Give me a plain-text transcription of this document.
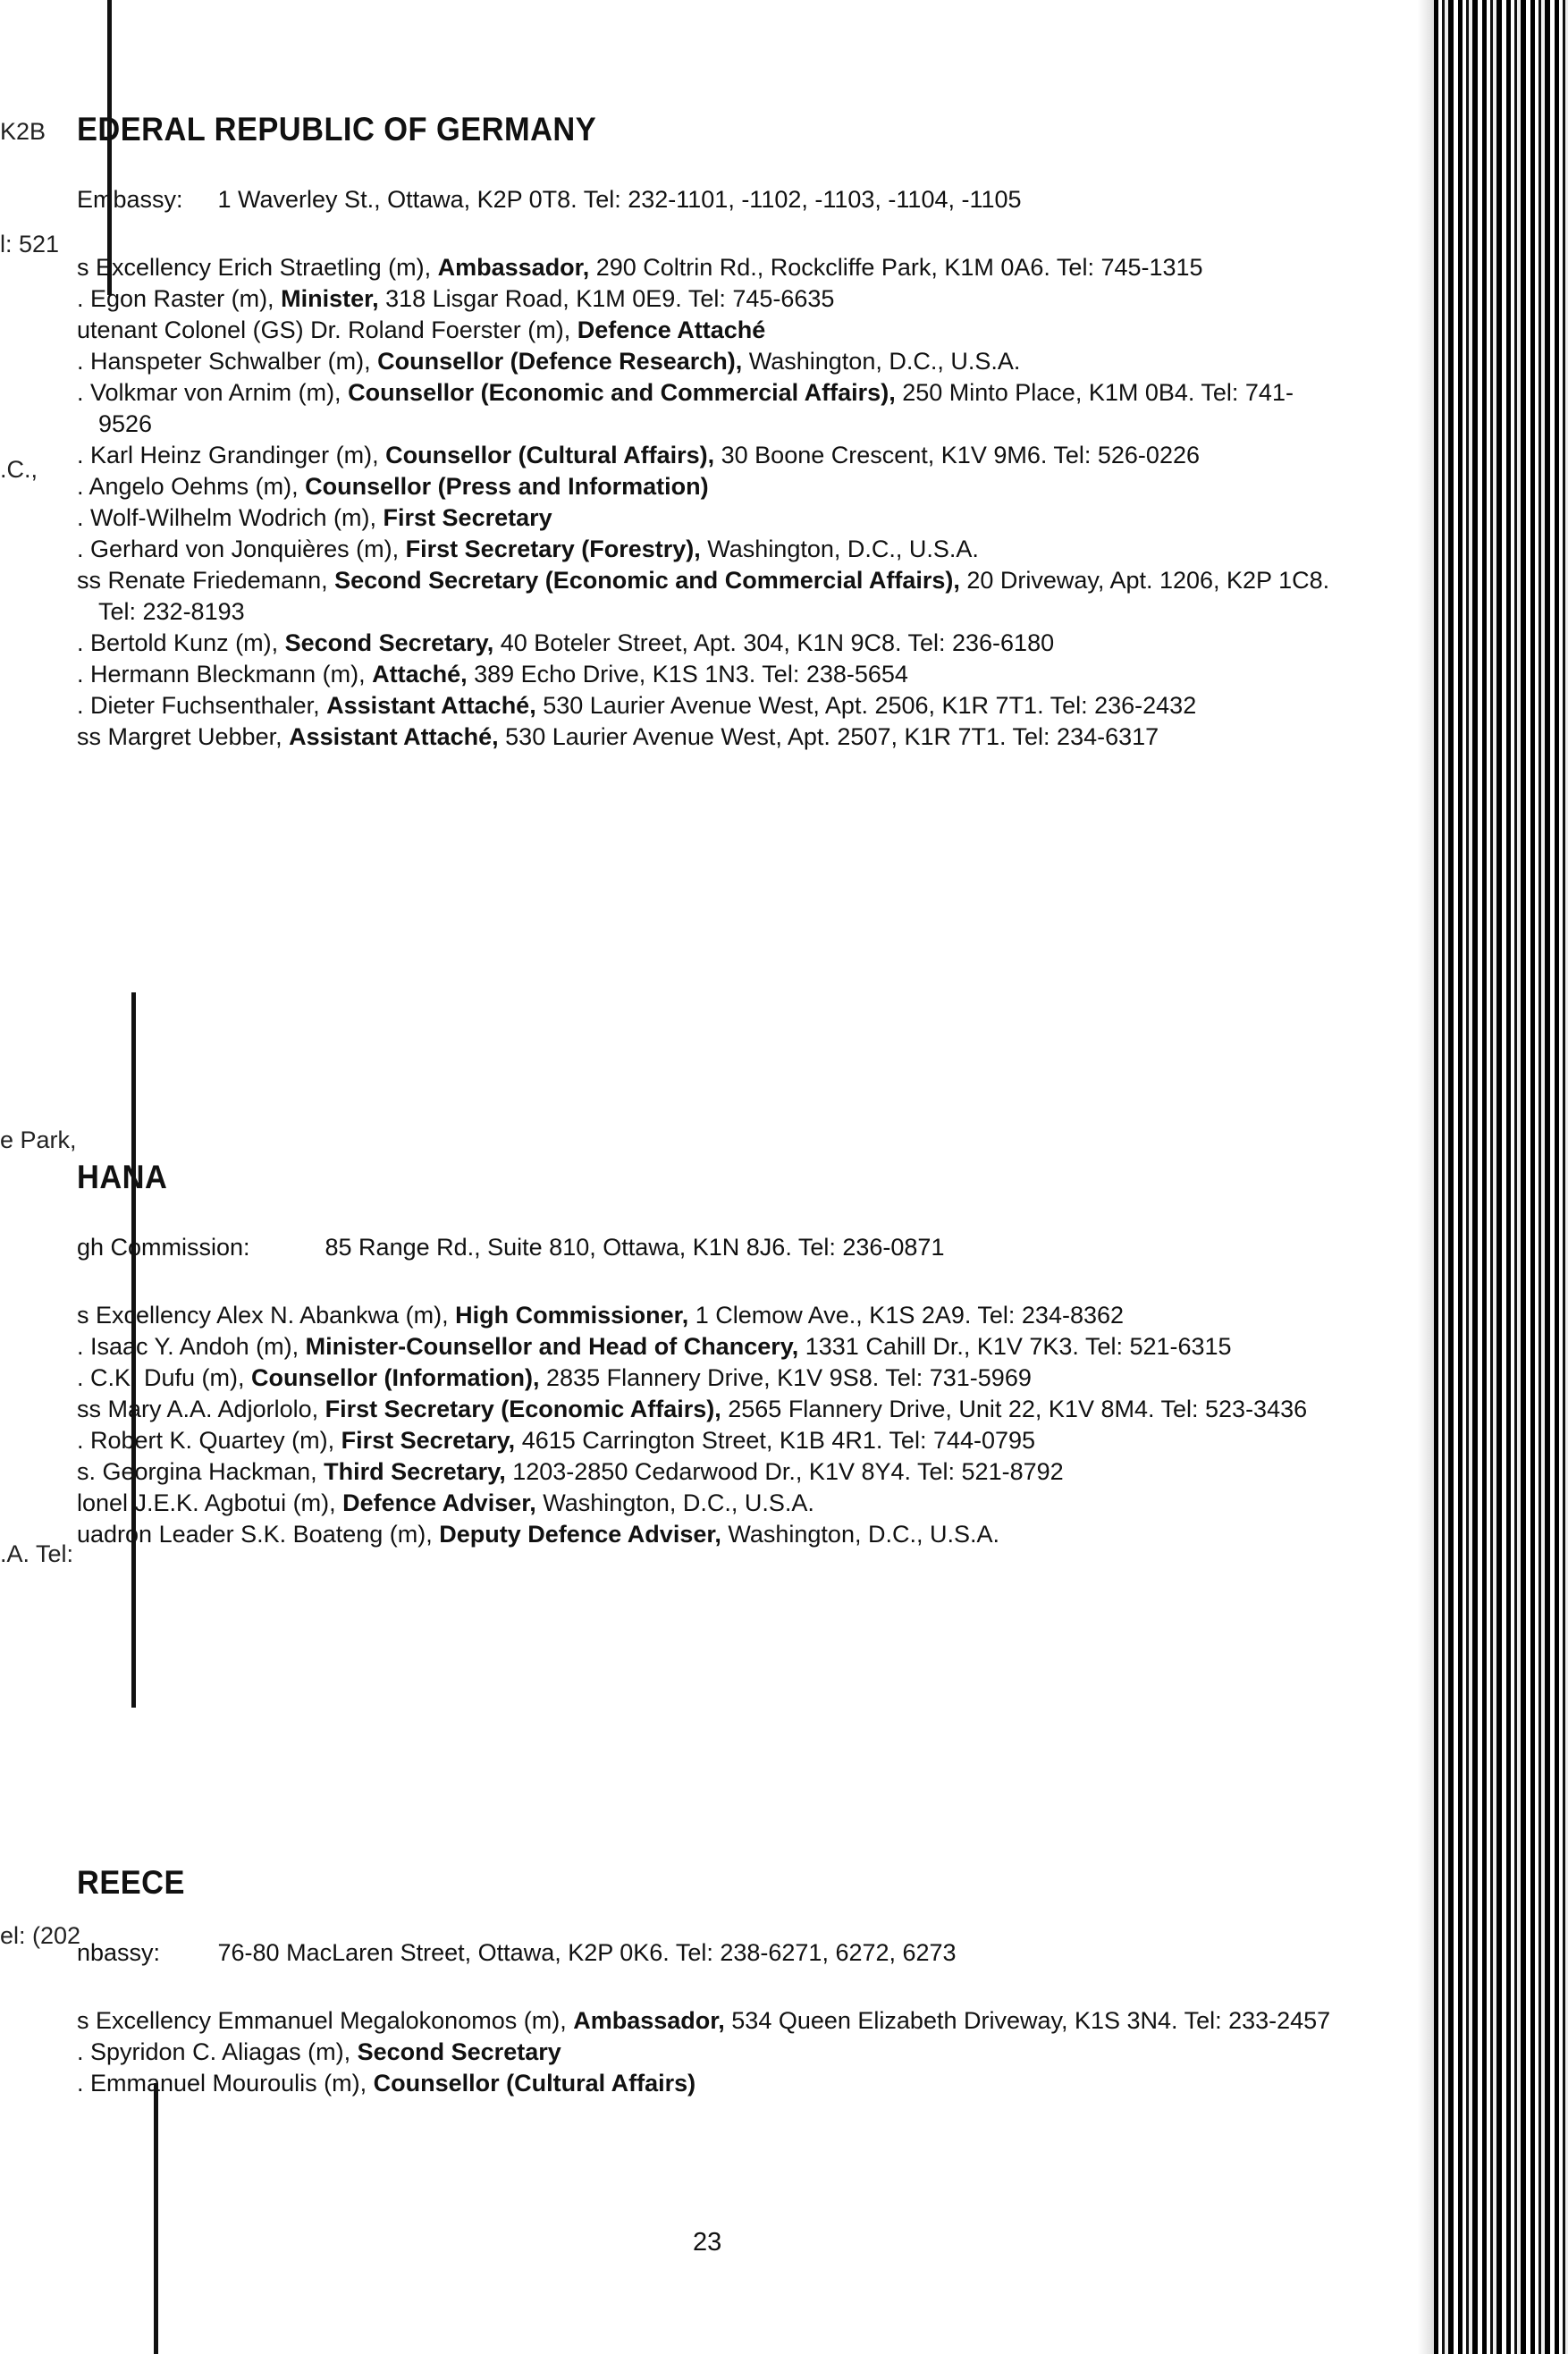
K2B
l: 521
.C.,
e Park,
.A. Tel:
el: (202
EDERAL REPUBLIC OF GERMANY
Embassy: 1 Waverley St., Ottawa, K2P 0T8. Tel: 232-1101, -1102, -1103, -1104, -1105
s Excellency Erich Straetling (m), Ambassador, 290 Coltrin Rd., Rockcliffe Park, K1M 0A6. Tel: 745-1315
. Egon Raster (m), Minister, 318 Lisgar Road, K1M 0E9. Tel: 745-6635
utenant Colonel (GS) Dr. Roland Foerster (m), Defence Attaché
. Hanspeter Schwalber (m), Counsellor (Defence Research), Washington, D.C., U.S.A.
. Volkmar von Arnim (m), Counsellor (Economic and Commercial Affairs), 250 Minto Place, K1M 0B4. Tel: 741-9526
. Karl Heinz Grandinger (m), Counsellor (Cultural Affairs), 30 Boone Crescent, K1V 9M6. Tel: 526-0226
. Angelo Oehms (m), Counsellor (Press and Information)
. Wolf-Wilhelm Wodrich (m), First Secretary
. Gerhard von Jonquières (m), First Secretary (Forestry), Washington, D.C., U.S.A.
ss Renate Friedemann, Second Secretary (Economic and Commercial Affairs), 20 Driveway, Apt. 1206, K2P 1C8. Tel: 232-8193
. Bertold Kunz (m), Second Secretary, 40 Boteler Street, Apt. 304, K1N 9C8. Tel: 236-6180
. Hermann Bleckmann (m), Attaché, 389 Echo Drive, K1S 1N3. Tel: 238-5654
. Dieter Fuchsenthaler, Assistant Attaché, 530 Laurier Avenue West, Apt. 2506, K1R 7T1. Tel: 236-2432
ss Margret Uebber, Assistant Attaché, 530 Laurier Avenue West, Apt. 2507, K1R 7T1. Tel: 234-6317
HANA
gh Commission:	85 Range Rd., Suite 810, Ottawa, K1N 8J6. Tel: 236-0871
s Excellency Alex N. Abankwa (m), High Commissioner, 1 Clemow Ave., K1S 2A9. Tel: 234-8362
. Isaac Y. Andoh (m), Minister-Counsellor and Head of Chancery, 1331 Cahill Dr., K1V 7K3. Tel: 521-6315
. C.K. Dufu (m), Counsellor (Information), 2835 Flannery Drive, K1V 9S8. Tel: 731-5969
ss Mary A.A. Adjorlolo, First Secretary (Economic Affairs), 2565 Flannery Drive, Unit 22, K1V 8M4. Tel: 523-3436
. Robert K. Quartey (m), First Secretary, 4615 Carrington Street, K1B 4R1. Tel: 744-0795
s. Georgina Hackman, Third Secretary, 1203-2850 Cedarwood Dr., K1V 8Y4. Tel: 521-8792
lonel J.E.K. Agbotui (m), Defence Adviser, Washington, D.C., U.S.A.
uadron Leader S.K. Boateng (m), Deputy Defence Adviser, Washington, D.C., U.S.A.
REECE
nbassy: 76-80 MacLaren Street, Ottawa, K2P 0K6. Tel: 238-6271, 6272, 6273
s Excellency Emmanuel Megalokonomos (m), Ambassador, 534 Queen Elizabeth Driveway, K1S 3N4. Tel: 233-2457
. Spyridon C. Aliagas (m), Second Secretary
. Emmanuel Mouroulis (m), Counsellor (Cultural Affairs)
23
